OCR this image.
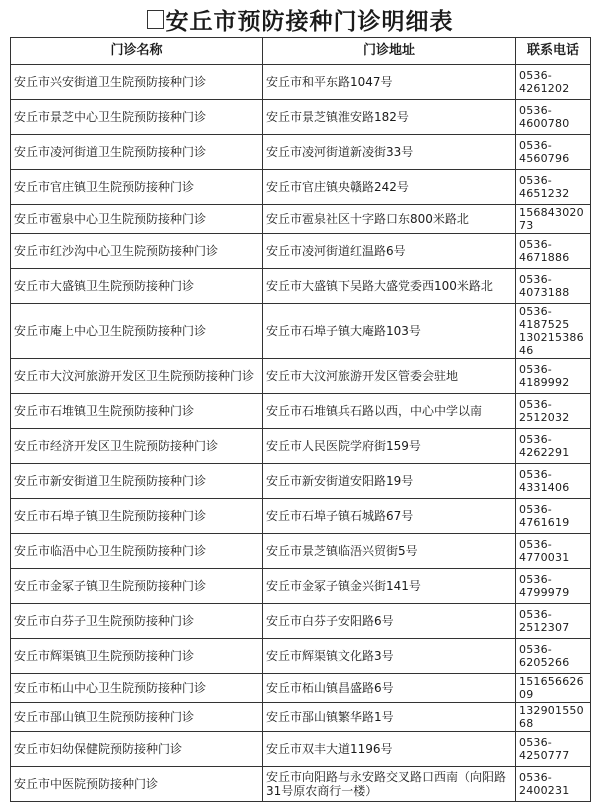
安丘市预防接种门诊明细表
门诊名称	门诊地址	联系电话
安丘市兴安街道卫生院预防接种门诊	安丘市和平东路1047号	0536-
4261202

安丘市景芝中心卫生院预防接种门诊	安丘市景芝镇淮安路182号	0536-
4600780

安丘市凌河街道卫生院预防接种门诊	安丘市凌河街道新凌街33号	0536-
4560796

安丘市官庄镇卫生院预防接种门诊	安丘市官庄镇央赣路242号	0536-
4651232

安丘市雹泉中心卫生院预防接种门诊	安丘市雹泉社区十字路口东800米路北	15684302073

安丘市红沙沟中心卫生院预防接种门诊	安丘市凌河街道红温路6号	0536-
4671886

安丘市大盛镇卫生院预防接种门诊	安丘市大盛镇下吴路大盛党委西100米路北	0536-
4073188

安丘市庵上中心卫生院预防接种门诊	安丘市石埠子镇大庵路103号	0536-
4187525
13021538646

安丘市大汶河旅游开发区卫生院预防接种门诊	安丘市大汶河旅游开发区管委会驻地	0536-
4189992

安丘市石堆镇卫生院预防接种门诊	安丘市石堆镇兵石路以西，中心中学以南	0536-
2512032

安丘市经济开发区卫生院预防接种门诊	安丘市人民医院学府街159号	0536-
4262291

安丘市新安街道卫生院预防接种门诊	安丘市新安街道安阳路19号	0536-
4331406

安丘市石埠子镇卫生院预防接种门诊	安丘市石埠子镇石城路67号	0536-
4761619

安丘市临浯中心卫生院预防接种门诊	安丘市景芝镇临浯兴贸街5号	0536-
4770031

安丘市金冢子镇卫生院预防接种门诊	安丘市金冢子镇金兴街141号	0536-
4799979

安丘市白芬子卫生院预防接种门诊	安丘市白芬子安阳路6号	0536-
2512307

安丘市辉渠镇卫生院预防接种门诊	安丘市辉渠镇文化路3号	0536-
6205266

安丘市柘山中心卫生院预防接种门诊	安丘市柘山镇昌盛路6号	15165662609

安丘市郚山镇卫生院预防接种门诊	安丘市郚山镇繁华路1号	13290155068

安丘市妇幼保健院预防接种门诊	安丘市双丰大道1196号	0536-
4250777

安丘市中医院预防接种门诊	安丘市向阳路与永安路交叉路口西南（向阳路31号原农商行一楼）	0536-
2400231
